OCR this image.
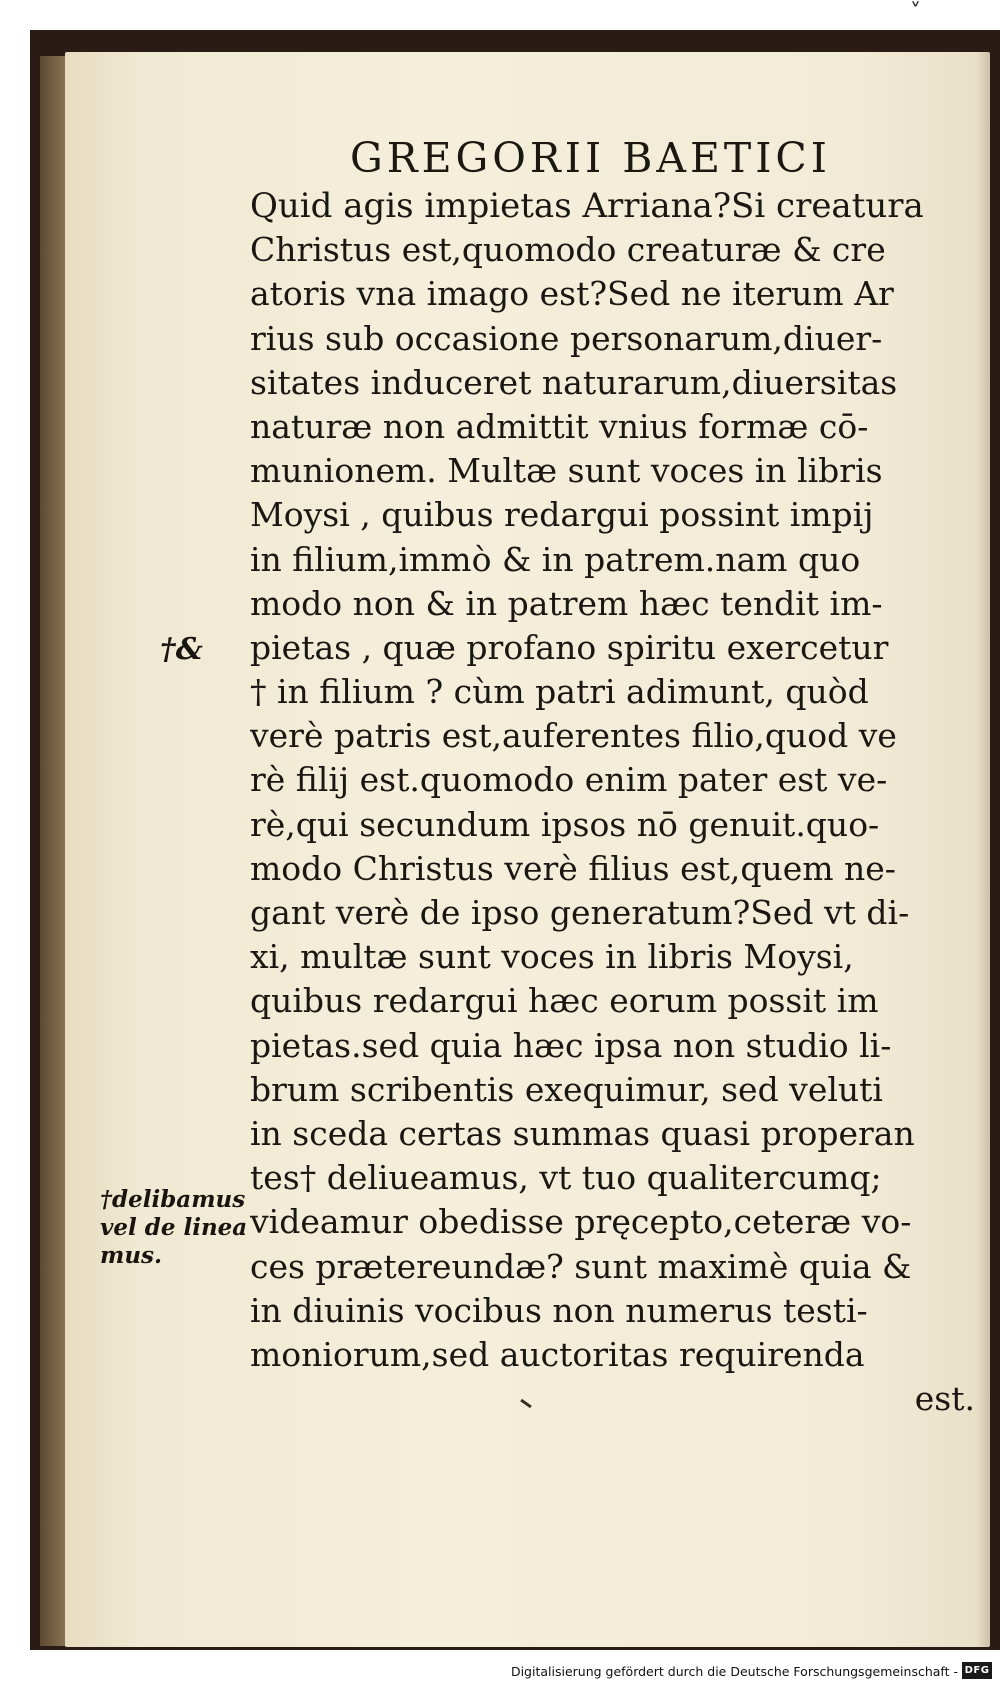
˅
GREGORII BAETICI
†&
†delibamus
vel de linea
mus.
Quid agis impietas Arriana?Si creatura
Christus est,quomodo creaturæ & cre
atoris vna imago est?Sed ne iterum Ar
rius sub occasione personarum,diuer-
sitates induceret naturarum,diuersitas
naturæ non admittit vnius formæ cō-
munionem. Multæ sunt voces in libris
Moysi , quibus redargui possint impij
in filium,immò & in patrem.nam quo
modo non & in patrem hæc tendit im-
pietas , quæ profano spiritu exercetur
† in filium ? cùm patri adimunt, quòd
verè patris est,auferentes filio,quod ve
rè filij est.quomodo enim pater est ve-
rè,qui secundum ipsos nō genuit.quo-
modo Christus verè filius est,quem ne-
gant verè de ipso generatum?Sed vt di-
xi, multæ sunt voces in libris Moysi,
quibus redargui hæc eorum possit im
pietas.sed quia hæc ipsa non studio li-
brum scribentis exequimur, sed veluti
in sceda certas summas quasi properan
tes† deliueamus, vt tuo qualitercumq;
videamur obedisse pręcepto,ceteræ vo-
ces prætereundæ? sunt maximè quia &
in diuinis vocibus non numerus testi-
moniorum,sed auctoritas requirenda
est.
Digitalisierung gefördert durch die Deutsche Forschungsgemeinschaft - DFG
